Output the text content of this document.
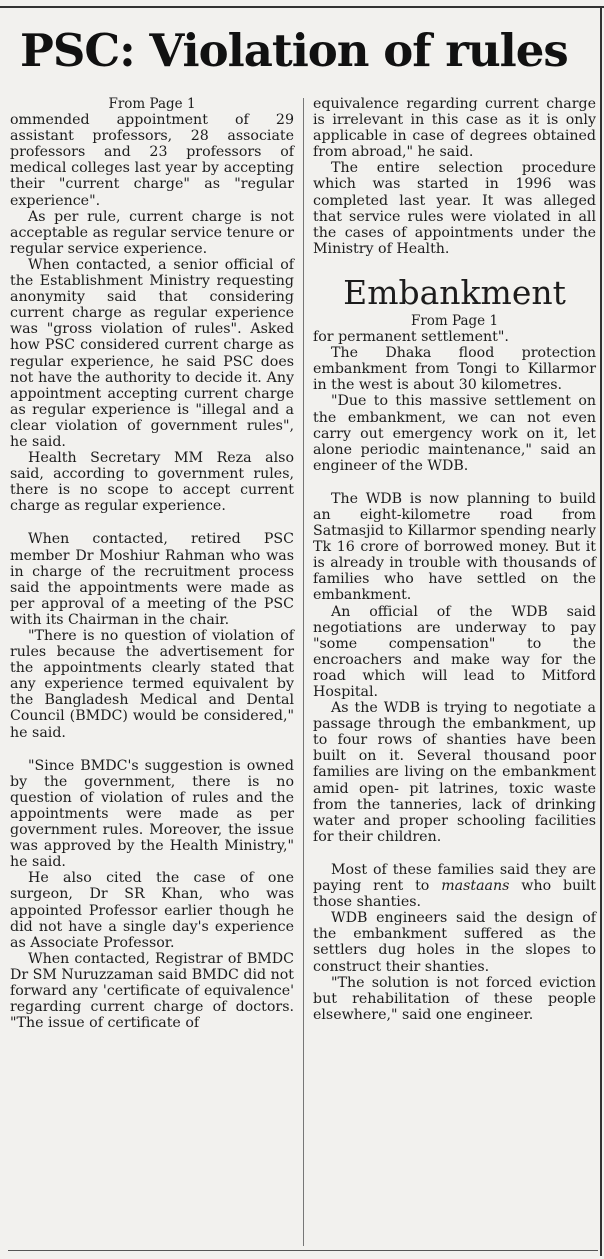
PSC: Violation of rules

From Page 1

ommended appointment of 29 assistant professors, 28 associate professors and 23 professors of medical colleges last year by accepting their "current charge" as "regular experience".

As per rule, current charge is not acceptable as regular service tenure or regular service experience.

When contacted, a senior official of the Establishment Ministry requesting anonymity said that considering current charge as regular experience was "gross violation of rules". Asked how PSC considered current charge as regular experience, he said PSC does not have the authority to decide it. Any appointment accepting current charge as regular experience is "illegal and a clear violation of government rules", he said.

Health Secretary MM Reza also said, according to government rules, there is no scope to accept current charge as regular experience.

When contacted, retired PSC member Dr Moshiur Rahman who was in charge of the recruitment process said the appointments were made as per approval of a meeting of the PSC with its Chairman in the chair.

"There is no question of violation of rules because the advertisement for the appointments clearly stated that any experience termed equivalent by the Bangladesh Medical and Dental Council (BMDC) would be considered," he said.

"Since BMDC's suggestion is owned by the government, there is no question of violation of rules and the appointments were made as per government rules. Moreover, the issue was approved by the Health Ministry," he said.

He also cited the case of one surgeon, Dr SR Khan, who was appointed Professor earlier though he did not have a single day's experience as Associate Professor.

When contacted, Registrar of BMDC Dr SM Nuruzzaman said BMDC did not forward any 'certificate of equivalence' regarding current charge of doctors. "The issue of certificate of

equivalence regarding current charge is irrelevant in this case as it is only applicable in case of degrees obtained from abroad," he said.

The entire selection procedure which was started in 1996 was completed last year. It was alleged that service rules were violated in all the cases of appointments under the Ministry of Health.

Embankment

From Page 1

for permanent settlement".

The Dhaka flood protection embankment from Tongi to Killarmor in the west is about 30 kilometres.

"Due to this massive settlement on the embankment, we can not even carry out emergency work on it, let alone periodic maintenance," said an engineer of the WDB.

The WDB is now planning to build an eight-kilometre road from Satmasjid to Killarmor spending nearly Tk 16 crore of borrowed money. But it is already in trouble with thousands of families who have settled on the embankment.

An official of the WDB said negotiations are underway to pay "some compensation" to the encroachers and make way for the road which will lead to Mitford Hospital.

As the WDB is trying to negotiate a passage through the embankment, up to four rows of shanties have been built on it. Several thousand poor families are living on the embankment amid open- pit latrines, toxic waste from the tanneries, lack of drinking water and proper schooling facilities for their children.

Most of these families said they are paying rent to mastaans who built those shanties.

WDB engineers said the design of the embankment suffered as the settlers dug holes in the slopes to construct their shanties.

"The solution is not forced eviction but rehabilitation of these people elsewhere," said one engineer.
